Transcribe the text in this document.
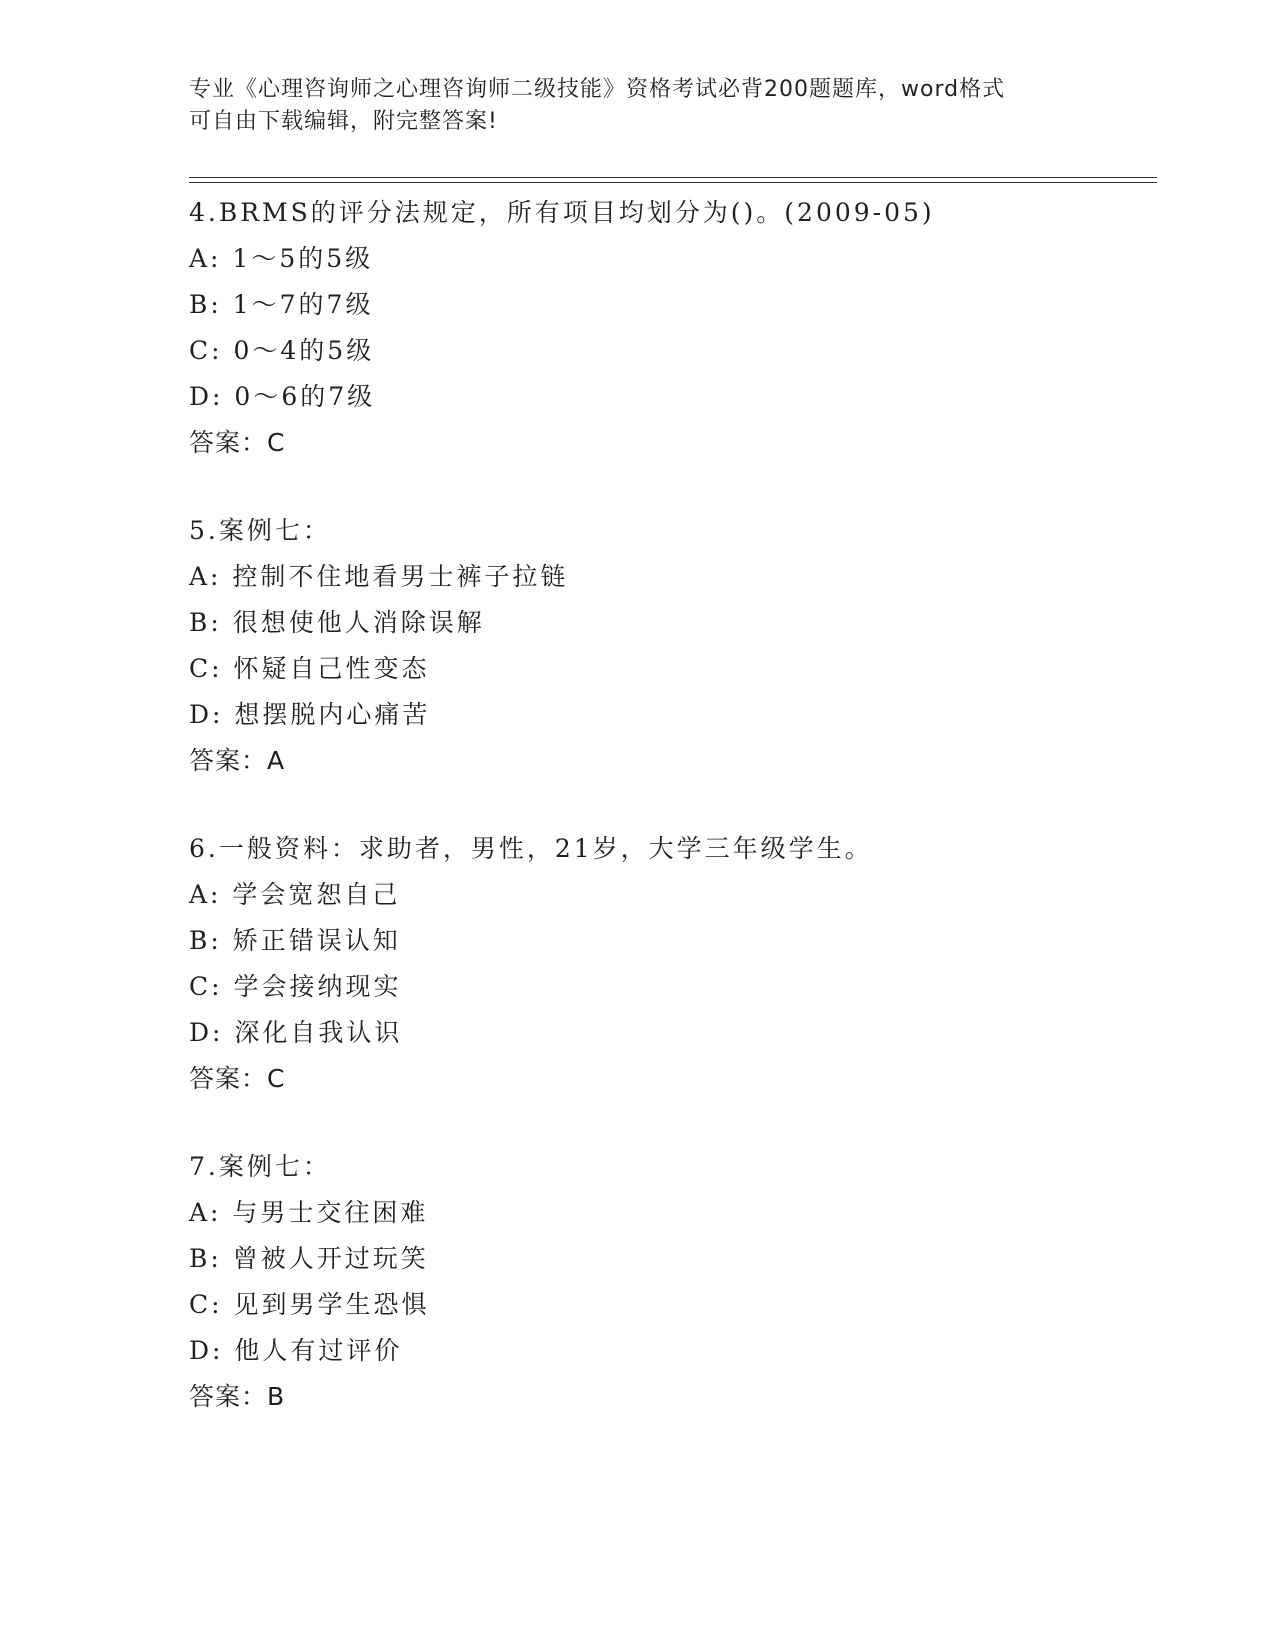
专业《心理咨询师之心理咨询师二级技能》资格考试必背200题题库，word格式

可自由下载编辑，附完整答案!

4.BRMS的评分法规定，所有项目均划分为()。(2009-05)
A: 1～5的5级
B: 1～7的7级
C: 0～4的5级
D: 0～6的7级
答案：C
5.案例七：
A: 控制不住地看男士裤子拉链
B: 很想使他人消除误解
C: 怀疑自己性变态
D: 想摆脱内心痛苦
答案：A
6.一般资料：求助者，男性，21岁，大学三年级学生。
A: 学会宽恕自己
B: 矫正错误认知
C: 学会接纳现实
D: 深化自我认识
答案：C
7.案例七：
A: 与男士交往困难
B: 曾被人开过玩笑
C: 见到男学生恐惧
D: 他人有过评价
答案：B
